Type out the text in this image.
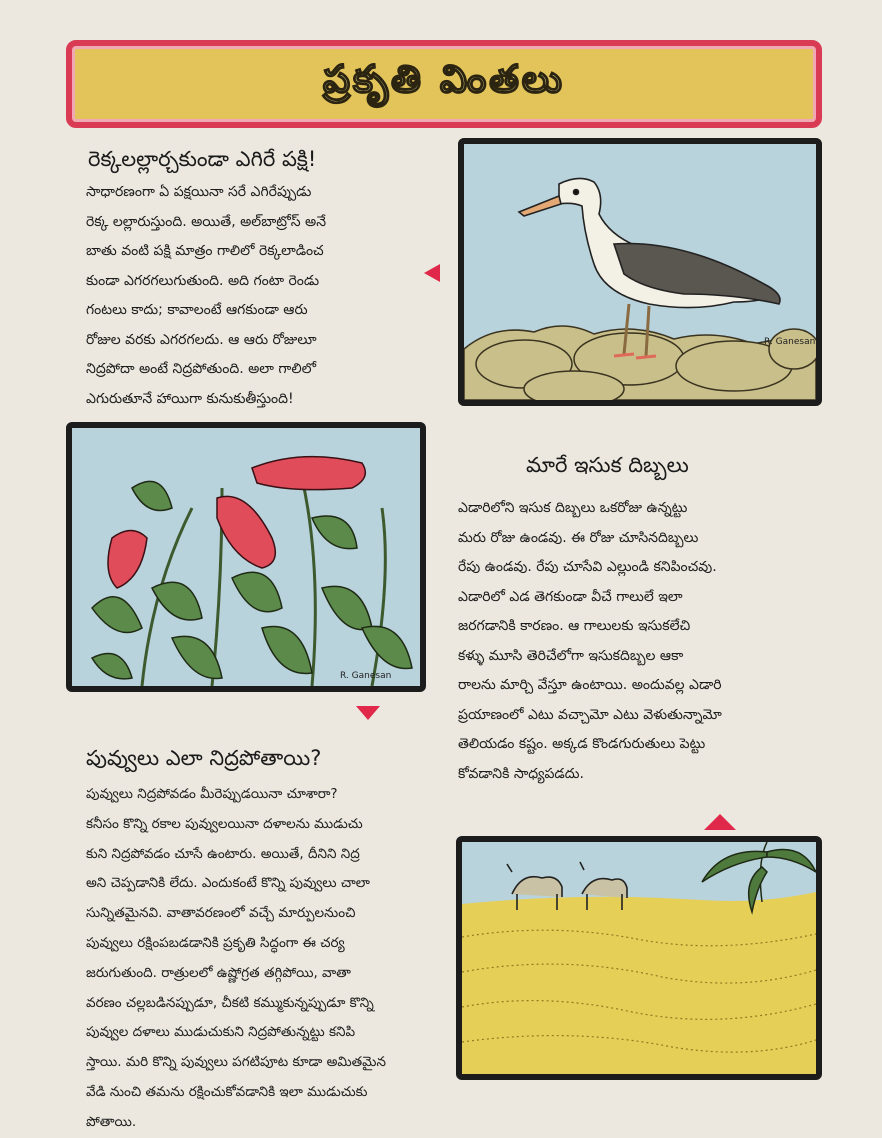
ప్రకృతి వింతలు
రెక్కలల్లార్చకుండా ఎగిరే పక్షి!
సాధారణంగా ఏ పక్షయినా సరే ఎగిరేప్పుడు
రెక్క లల్లారుస్తుంది. అయితే, అల్‌బాట్రోస్ అనే
బాతు వంటి పక్షి మాత్రం గాలిలో రెక్కలాడించ
కుండా ఎగరగలుగుతుంది. అది గంటా రెండు
గంటలు కాదు; కావాలంటే ఆగకుండా ఆరు
రోజుల వరకు ఎగరగలదు. ఆ ఆరు రోజులూ
నిద్రపోదా అంటే నిద్రపోతుంది. అలా గాలిలో
ఎగురుతూనే హాయిగా కునుకుతీస్తుంది!
R. Ganesan
R. Ganesan
మారే ఇసుక దిబ్బలు
ఎడారిలోని ఇసుక దిబ్బలు ఒకరోజు ఉన్నట్టు
మరు రోజు ఉండవు. ఈ రోజు చూసినదిబ్బలు
రేపు ఉండవు. రేపు చూసేవి ఎల్లుండి కనిపించవు.
ఎడారిలో ఎడ తెగకుండా వీచే గాలులే ఇలా
జరగడానికి కారణం. ఆ గాలులకు ఇసుకలేచి
కళ్ళు మూసి తెరిచేలోగా ఇసుకదిబ్బల ఆకా
రాలను మార్చి వేస్తూ ఉంటాయి. అందువల్ల ఎడారి
ప్రయాణంలో ఎటు వచ్చామో ఎటు వెళుతున్నామో
తెలియడం కష్టం. అక్కడ కొండగురుతులు పెట్టు
కోవడానికి సాధ్యపడదు.
పువ్వులు ఎలా నిద్రపోతాయి?
పువ్వులు నిద్రపోవడం మీరెప్పుడయినా చూశారా?
కనీసం కొన్ని రకాల పువ్వులయినా దళాలను ముడుచు
కుని నిద్రపోవడం చూసే ఉంటారు. అయితే, దీనిని నిద్ర
అని చెప్పడానికి లేదు. ఎందుకంటే కొన్ని పువ్వులు చాలా
సున్నితమైనవి. వాతావరణంలో వచ్చే మార్పులనుంచి
పువ్వులు రక్షింపబడడానికి ప్రకృతి సిద్ధంగా ఈ చర్య
జరుగుతుంది. రాత్రులలో ఉష్ణోగ్రత తగ్గిపోయి, వాతా
వరణం చల్లబడినప్పుడూ, చీకటి కమ్ముకున్నప్పుడూ కొన్ని
పువ్వుల దళాలు ముడుచుకుని నిద్రపోతున్నట్టు కనిపి
స్తాయి. మరి కొన్ని పువ్వులు పగటిపూట కూడా అమితమైన
వేడి నుంచి తమను రక్షించుకోవడానికి ఇలా ముడుచుకు
పోతాయి.
